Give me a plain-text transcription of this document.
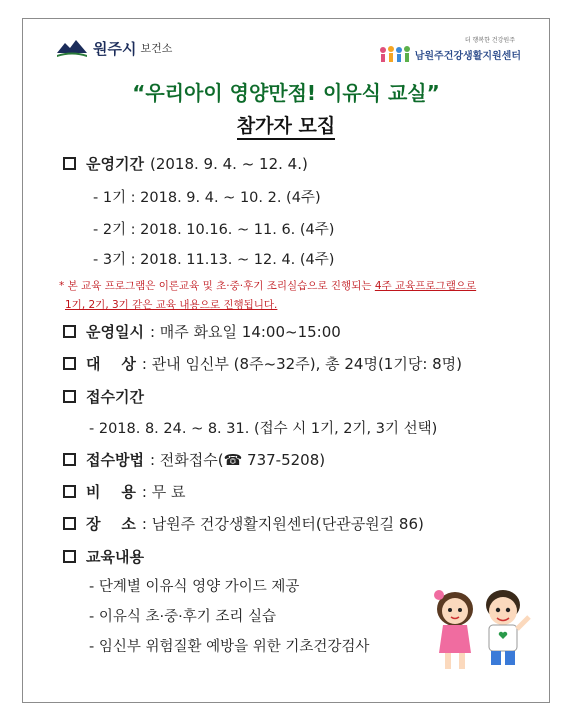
원주시 보건소
더 행복한 건강원주
남원주건강생활지원센터
“우리아이 영양만점! 이유식 교실”
참가자 모집
운영기간 (2018. 9. 4. ~ 12. 4.)
- 1기 : 2018. 9. 4. ~ 10. 2. (4주)
- 2기 : 2018. 10.16. ~ 11. 6. (4주)
- 3기 : 2018. 11.13. ~ 12. 4. (4주)
* 본 교육 프로그램은 이론교육 및 초·중·후기 조리실습으로 진행되는 4주 교육프로그램으로
1기, 2기, 3기 같은 교육 내용으로 진행됩니다.
운영일시 : 매주 화요일 14:00~15:00
대    상 : 관내 임신부 (8주~32주), 총 24명(1기당: 8명)
접수기간
- 2018. 8. 24. ~ 8. 31. (접수 시 1기, 2기, 3기 선택)
접수방법 : 전화접수(☎ 737-5208)
비    용 : 무 료
장    소 : 남원주 건강생활지원센터(단관공원길 86)
교육내용
- 단계별 이유식 영양 가이드 제공
- 이유식 초·중·후기 조리 실습
- 임신부 위험질환 예방을 위한 기초건강검사
